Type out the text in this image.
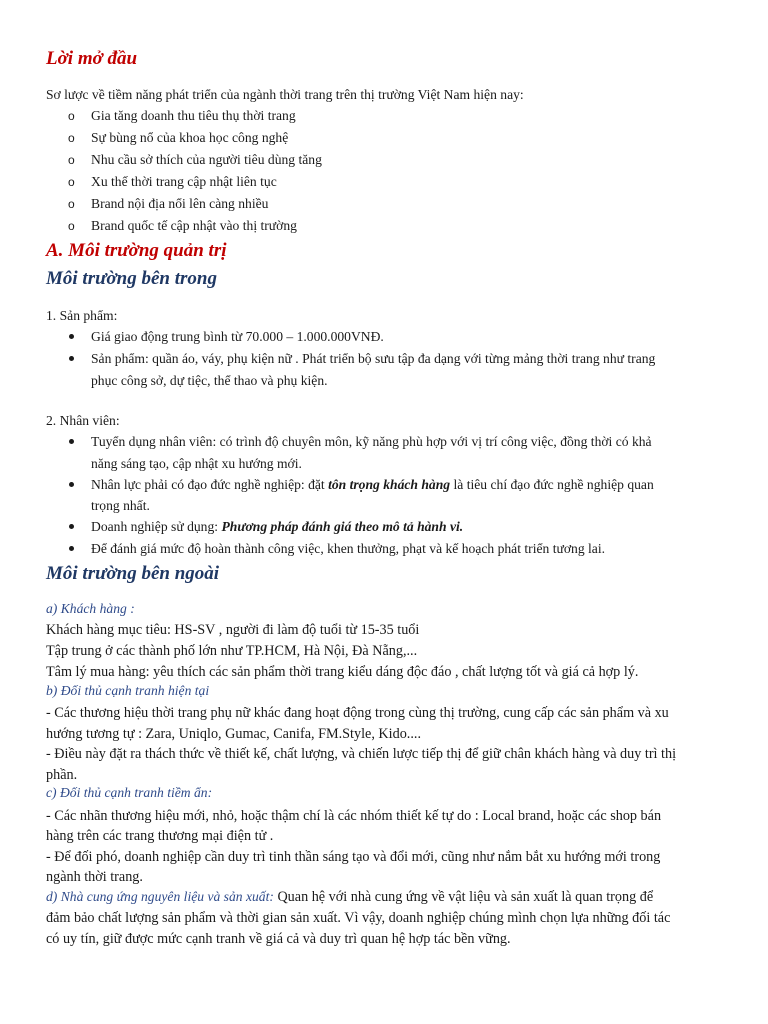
Lời mở đầu
Sơ lược về tiềm năng phát triển của ngành thời trang trên thị trường Việt Nam hiện nay:
o Gia tăng doanh thu tiêu thụ thời trang
o Sự bùng nổ của khoa học công nghệ
o Nhu cầu sở thích của người tiêu dùng tăng
o Xu thế thời trang cập nhật liên tục
o Brand nội địa nổi lên càng nhiều
o Brand quốc tế cập nhật vào thị trường
A. Môi trường quản trị
Môi trường bên trong
1. Sản phẩm:
Giá giao động trung bình từ 70.000 – 1.000.000VNĐ.
Sản phẩm: quần áo, váy, phụ kiện nữ . Phát triển bộ sưu tập đa dạng với từng mảng thời trang như trang
phục công sở, dự tiệc, thể thao và phụ kiện.
2. Nhân viên:
Tuyển dụng nhân viên: có trình độ chuyên môn, kỹ năng phù hợp với vị trí công việc, đồng thời có khả
năng sáng tạo, cập nhật xu hướng mới.
Nhân lực phải có đạo đức nghề nghiệp: đặt tôn trọng khách hàng là tiêu chí đạo đức nghề nghiệp quan
trọng nhất.
Doanh nghiệp sử dụng: Phương pháp đánh giá theo mô tả hành vi.
Để đánh giá mức độ hoàn thành công việc, khen thưởng, phạt và kế hoạch phát triển tương lai.
Môi trường bên ngoài
a) Khách hàng :
Khách hàng mục tiêu: HS-SV , người đi làm độ tuổi từ 15-35 tuổi
Tập trung ở các thành phố lớn như TP.HCM, Hà Nội, Đà Nẵng,...
Tâm lý mua hàng: yêu thích các sản phẩm thời trang kiểu dáng độc đáo , chất lượng tốt và giá cả hợp lý.
b) Đối thủ cạnh tranh hiện tại
- Các thương hiệu thời trang phụ nữ khác đang hoạt động trong cùng thị trường, cung cấp các sản phẩm và xu
hướng tương tự : Zara, Uniqlo, Gumac, Canifa, FM.Style, Kido....
- Điều này đặt ra thách thức về thiết kế, chất lượng, và chiến lược tiếp thị để giữ chân khách hàng và duy trì thị
phần.
c) Đối thủ cạnh tranh tiềm ẩn:
- Các nhãn thương hiệu mới, nhỏ, hoặc thậm chí là các nhóm thiết kế tự do : Local brand, hoặc các shop bán
hàng trên các trang thương mại điện tử .
- Để đối phó, doanh nghiệp cần duy trì tinh thần sáng tạo và đổi mới, cũng như nắm bắt xu hướng mới trong
ngành thời trang.
d) Nhà cung ứng nguyên liệu và sản xuất: Quan hệ với nhà cung ứng về vật liệu và sản xuất là quan trọng để
đảm bảo chất lượng sản phẩm và thời gian sản xuất. Vì vậy, doanh nghiệp chúng mình chọn lựa những đối tác
có uy tín, giữ được mức cạnh tranh về giá cả và duy trì quan hệ hợp tác bền vững.
